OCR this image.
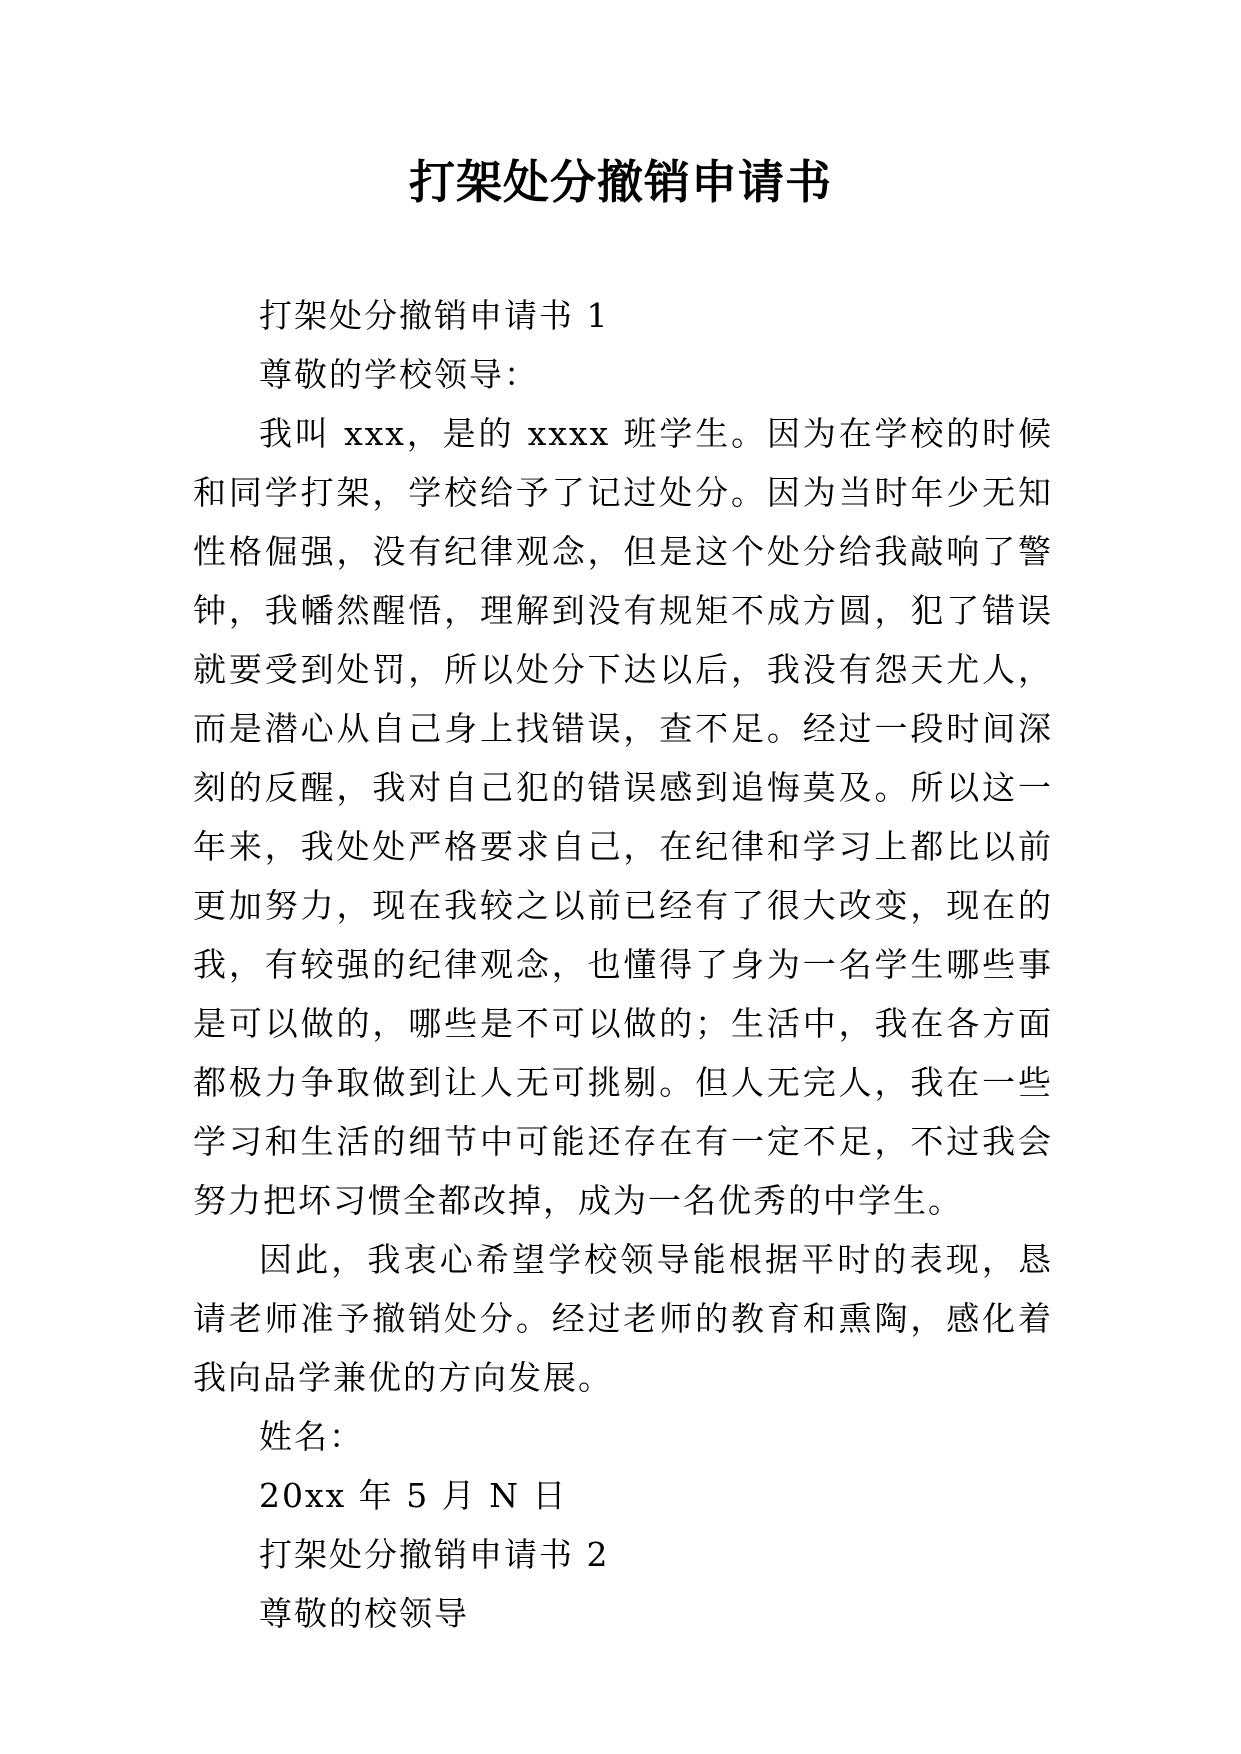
打架处分撤销申请书

打架处分撤销申请书 1

尊敬的学校领导：

我叫 xxx，是的 xxxx 班学生。因为在学校的时候和同学打架，学校给予了记过处分。因为当时年少无知性格倔强，没有纪律观念，但是这个处分给我敲响了警钟，我幡然醒悟，理解到没有规矩不成方圆，犯了错误就要受到处罚，所以处分下达以后，我没有怨天尤人，而是潜心从自己身上找错误，查不足。经过一段时间深刻的反醒，我对自己犯的错误感到追悔莫及。所以这一年来，我处处严格要求自己，在纪律和学习上都比以前更加努力，现在我较之以前已经有了很大改变，现在的我，有较强的纪律观念，也懂得了身为一名学生哪些事是可以做的，哪些是不可以做的；生活中，我在各方面都极力争取做到让人无可挑剔。但人无完人，我在一些学习和生活的细节中可能还存在有一定不足，不过我会努力把坏习惯全都改掉，成为一名优秀的中学生。

因此，我衷心希望学校领导能根据平时的表现，恳请老师准予撤销处分。经过老师的教育和熏陶，感化着我向品学兼优的方向发展。

姓名：

20xx 年 5 月 N 日

打架处分撤销申请书 2

尊敬的校领导
